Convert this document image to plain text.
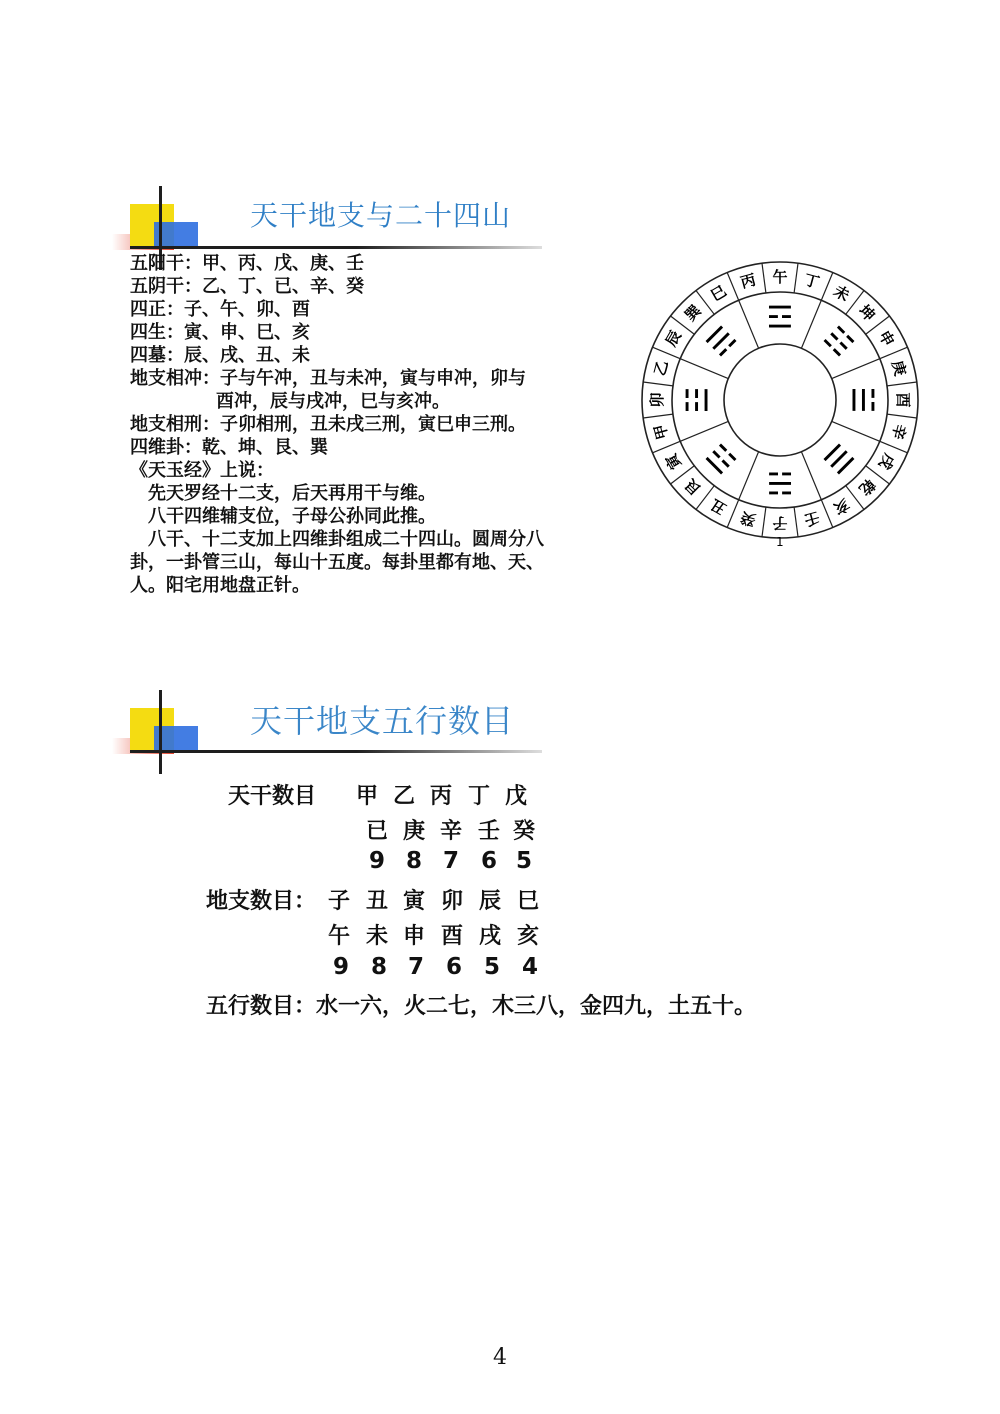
天干地支与二十四山
五阳干：甲、丙、戊、庚、壬
五阴干：乙、丁、已、辛、癸
四正：子、午、卯、酉
四生：寅、申、巳、亥
四墓：辰、戌、丑、未
地支相冲：子与午冲，丑与未冲，寅与申冲，卯与
酉冲，辰与戌冲，巳与亥冲。
地支相刑：子卯相刑，丑未戌三刑，寅巳申三刑。
四维卦：乾、坤、艮、巽
《天玉经》上说：
先天罗经十二支，后天再用干与维。
八干四维辅支位，子母公孙同此推。
八干、十二支加上四维卦组成二十四山。圆周分八
卦，一卦管三山，每山十五度。每卦里都有地、天、
人。阳宅用地盘正针。
午 丁
未
坤
申
庚
酉
辛
戌
乾
亥
壬
子
癸
丑
艮
寅
甲
卯
乙
辰
巽
巳
丙
☲
☷
☱
☰
☵
☶
☳
☴
1
天干地支五行数目
天干数目 甲 乙 丙 丁 戊
已 庚 辛 壬 癸
9 8 7 6 5
地支数目： 子 丑 寅 卯 辰 巳
午 未 申 酉 戌 亥
9 8 7 6 5 4
五行数目：水一六，火二七，木三八，金四九，土五十。
4
